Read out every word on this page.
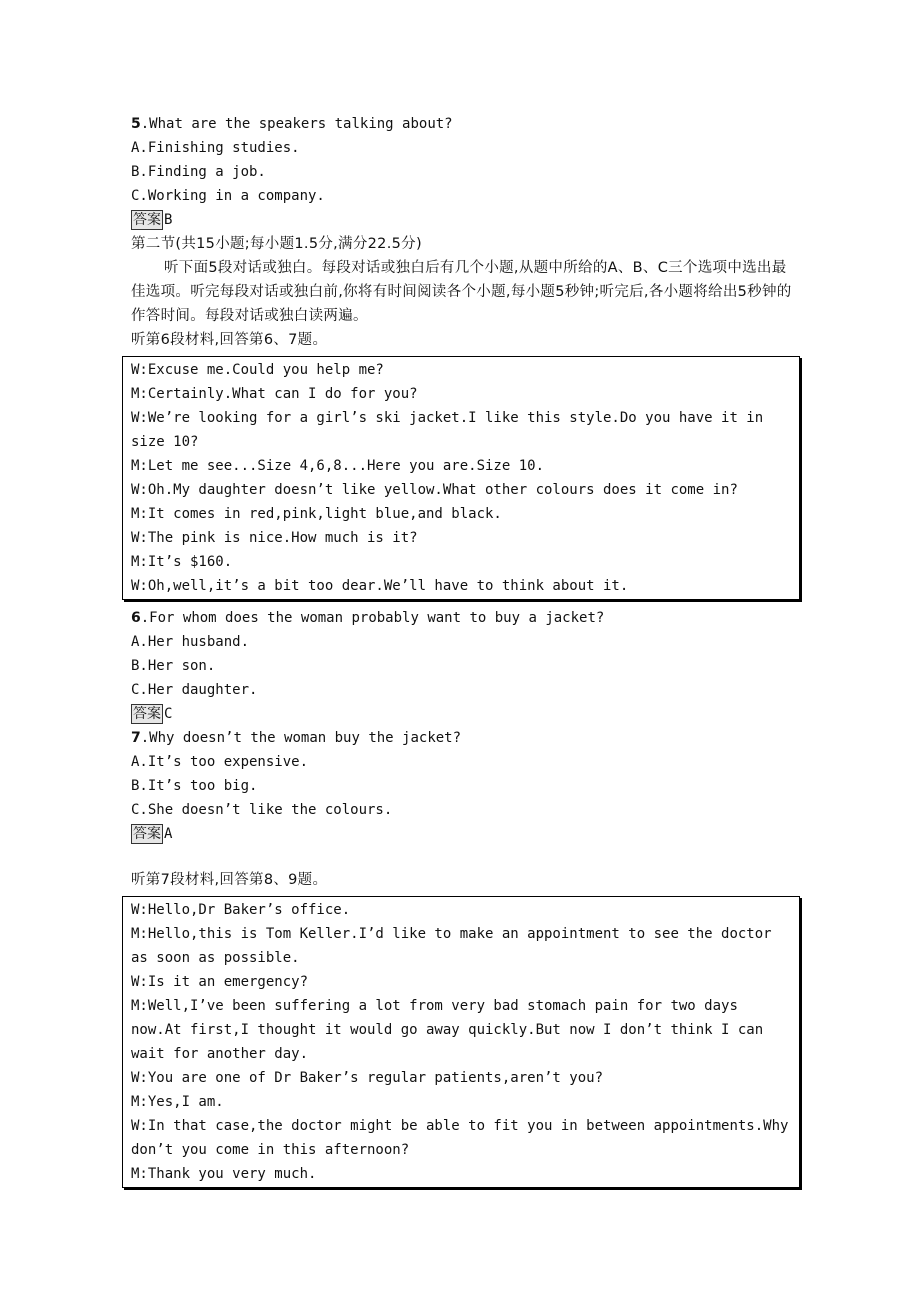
5.What are the speakers talking about?
A.Finishing studies.
B.Finding a job.
C.Working in a company.
答案 B
第二节(共15小题;每小题1.5分,满分22.5分)
听下面5段对话或独白。每段对话或独白后有几个小题,从题中所给的A、B、C三个选项中选出最佳选项。听完每段对话或独白前,你将有时间阅读各个小题,每小题5秒钟;听完后,各小题将给出5秒钟的作答时间。每段对话或独白读两遍。
听第6段材料,回答第6、7题。
W:Excuse me.Could you help me?
M:Certainly.What can I do for you?
W:We’re looking for a girl’s ski jacket.I like this style.Do you have it in size 10?
M:Let me see...Size 4,6,8...Here you are.Size 10.
W:Oh.My daughter doesn’t like yellow.What other colours does it come in?
M:It comes in red,pink,light blue,and black.
W:The pink is nice.How much is it?
M:It’s $160.
W:Oh,well,it’s a bit too dear.We’ll have to think about it.
6.For whom does the woman probably want to buy a jacket?
A.Her husband.
B.Her son.
C.Her daughter.
答案 C
7.Why doesn’t the woman buy the jacket?
A.It’s too expensive.
B.It’s too big.
C.She doesn’t like the colours.
答案 A
听第7段材料,回答第8、9题。
W:Hello,Dr Baker’s office.
M:Hello,this is Tom Keller.I’d like to make an appointment to see the doctor as soon as possible.
W:Is it an emergency?
M:Well,I’ve been suffering a lot from very bad stomach pain for two days now.At first,I thought it would go away quickly.But now I don’t think I can wait for another day.
W:You are one of Dr Baker’s regular patients,aren’t you?
M:Yes,I am.
W:In that case,the doctor might be able to fit you in between appointments.Why don’t you come in this afternoon?
M:Thank you very much.
